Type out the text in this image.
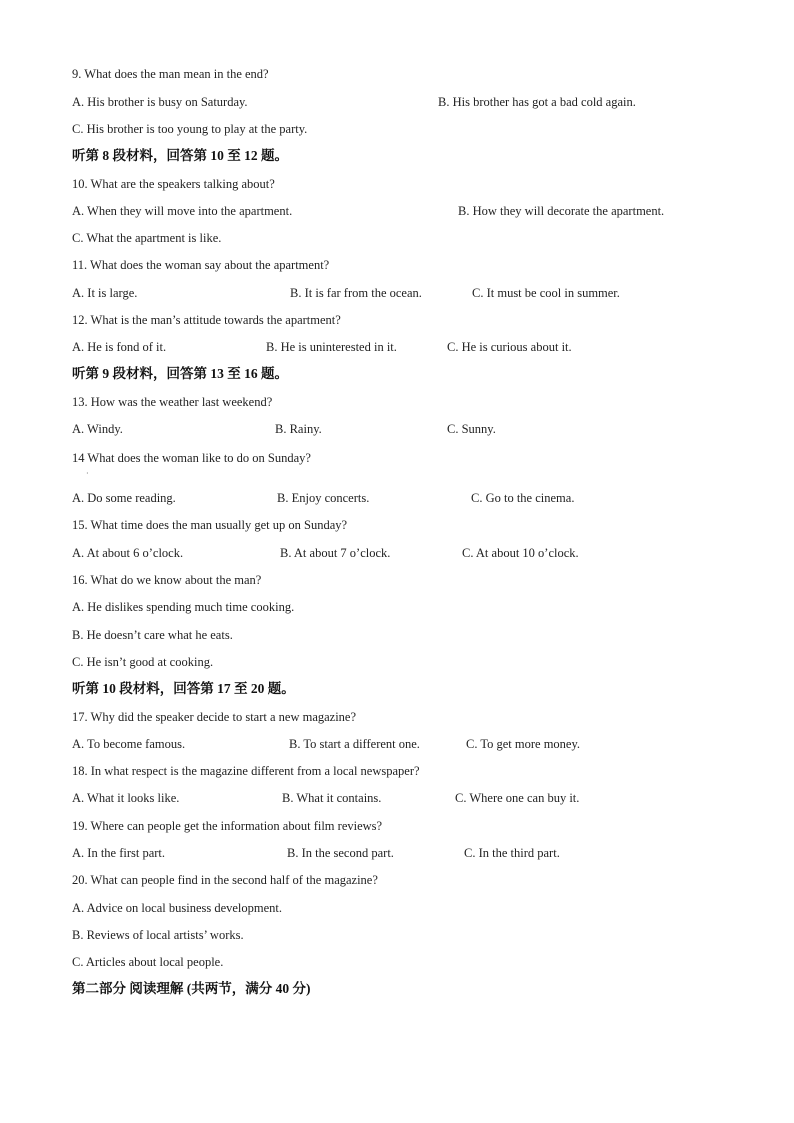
9. What does the man mean in the end?
A. His brother is busy on Saturday.	B. His brother has got a bad cold again.
C. His brother is too young to play at the party.
听第 8 段材料，回答第 10 至 12 题。
10. What are the speakers talking about?
A. When they will move into the apartment.	B. How they will decorate the apartment.
C. What the apartment is like.
11. What does the woman say about the apartment?
A. It is large.	B. It is far from the ocean.	C. It must be cool in summer.
12. What is the man’s attitude towards the apartment?
A. He is fond of it.	B. He is uninterested in it.	C. He is curious about it.
听第 9 段材料，回答第 13 至 16 题。
13. How was the weather last weekend?
A. Windy.	B. Rainy.	C. Sunny.
14 What does the woman like to do on Sunday?
·
A. Do some reading.	B. Enjoy concerts.	C. Go to the cinema.
15. What time does the man usually get up on Sunday?
A. At about 6 o’clock.	B. At about 7 o’clock.	C. At about 10 o’clock.
16. What do we know about the man?
A. He dislikes spending much time cooking.
B. He doesn’t care what he eats.
C. He isn’t good at cooking.
听第 10 段材料，回答第 17 至 20 题。
17. Why did the speaker decide to start a new magazine?
A. To become famous.	B. To start a different one.	C. To get more money.
18. In what respect is the magazine different from a local newspaper?
A. What it looks like.	B. What it contains.	C. Where one can buy it.
19. Where can people get the information about film reviews?
A. In the first part.	B. In the second part.	C. In the third part.
20. What can people find in the second half of the magazine?
A. Advice on local business development.
B. Reviews of local artists’ works.
C. Articles about local people.
第二部分 阅读理解 (共两节，满分 40 分)
